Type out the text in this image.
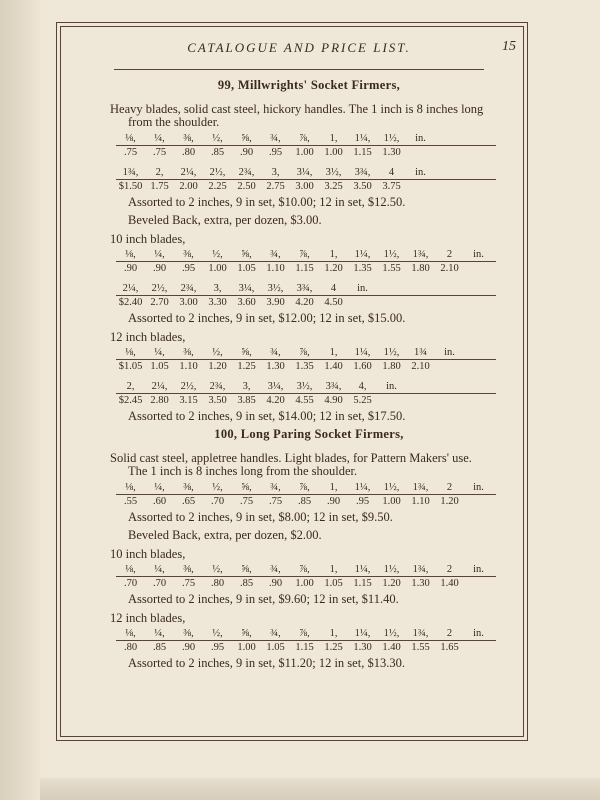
CATALOGUE AND PRICE LIST.	15
99, Millwrights' Socket Firmers,
Heavy blades, solid cast steel, hickory handles. The 1 inch is 8 inches long
from the shoulder.
⅛,	¼,	⅜,	½,	⅝,	¾,	⅞,	1,	1¼,	1½,	in.
.75	.75	.80	.85	.90	.95	1.00	1.00	1.15	1.30
1¾,	2,	2¼,	2½,	2¾,	3,	3¼,	3½,	3¾,	4	in.
$1.50 1.75	2.00	2.25	2.50	2.75	3.00	3.25	3.50	3.75
Assorted to 2 inches, 9 in set, $10.00; 12 in set, $12.50.
Beveled Back, extra, per dozen, $3.00.
10 inch blades,
⅛,	¼,	⅜,	½,	⅝,	¾,	⅞,	1,	1¼,	1½,	1¾,	2	in.
.90	.90	.95	1.00	1.05	1.10	1.15	1.20	1.35	1.55	1.80	2.10
2¼,	2½,	2¾,	3,	3¼,	3½,	3¾,	4	in.
$2.40 2.70	3.00	3.30	3.60	3.90	4.20	4.50
Assorted to 2 inches, 9 in set, $12.00; 12 in set, $15.00.
12 inch blades,
⅛,	¼,	⅜,	½,	⅝,	¾,	⅞,	1,	1¼,	1½,	1¾	in.
$1.05 1.05	1.10	1.20	1.25	1.30	1.35	1.40	1.60	1.80	2.10
2,	2¼,	2½,	2¾,	3,	3¼,	3½,	3¾,	4,	in.
$2.45 2.80	3.15	3.50	3.85	4.20	4.55	4.90	5.25
Assorted to 2 inches, 9 in set, $14.00; 12 in set, $17.50.
100, Long Paring Socket Firmers,
Solid cast steel, appletree handles. Light blades, for Pattern Makers' use.
The 1 inch is 8 inches long from the shoulder.
⅛,	¼,	⅜,	½,	⅝,	¾,	⅞,	1,	1¼,	1½,	1¾,	2	in.
.55	.60	.65	.70	.75	.75	.85	.90	.95	1.00	1.10	1.20
Assorted to 2 inches, 9 in set, $8.00; 12 in set, $9.50.
Beveled Back, extra, per dozen, $2.00.
10 inch blades,
⅛,	¼,	⅜,	½,	⅝,	¾,	⅞,	1,	1¼,	1½,	1¾,	2	in.
.70	.70	.75	.80	.85	.90	1.00	1.05	1.15	1.20	1.30	1.40
Assorted to 2 inches, 9 in set, $9.60; 12 in set, $11.40.
12 inch blades,
⅛,	¼,	⅜,	½,	⅝,	¾,	⅞,	1,	1¼,	1½,	1¾,	2	in.
.80	.85	.90	.95	1.00	1.05	1.15	1.25	1.30	1.40	1.55	1.65
Assorted to 2 inches, 9 in set, $11.20; 12 in set, $13.30.
